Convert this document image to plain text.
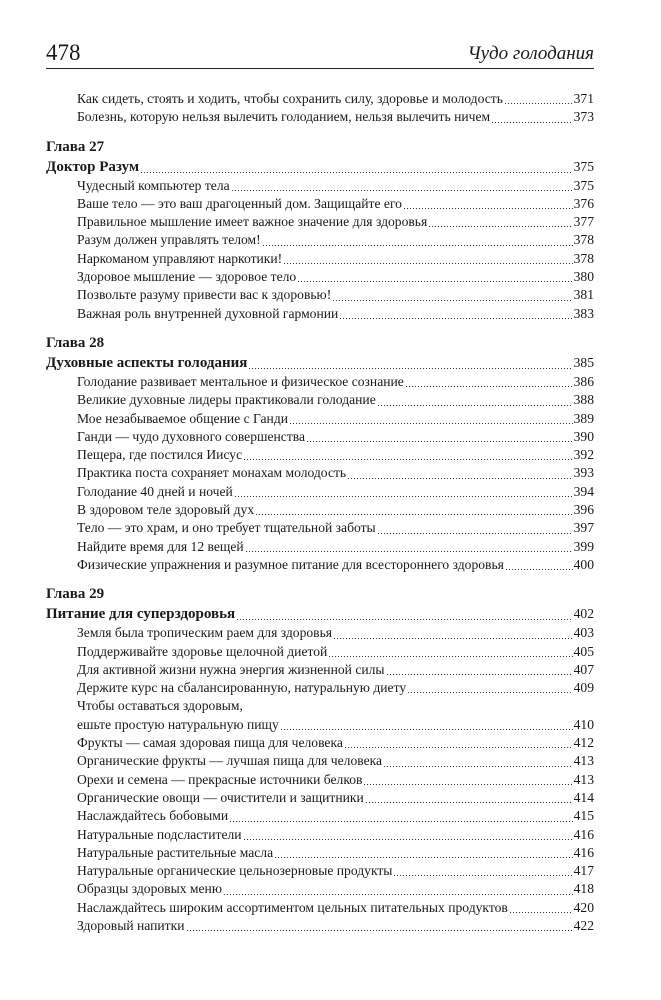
478	Чудо голодания
Как сидеть, стоять и ходить, чтобы сохранить силу, здоровье и молодость	371
Болезнь, которую нельзя вылечить голоданием, нельзя вылечить ничем	373
Глава 27
Доктор Разум	375
Чудесный компьютер тела	375
Ваше тело — это ваш драгоценный дом. Защищайте его	376
Правильное мышление имеет важное значение для здоровья	377
Разум должен управлять телом!	378
Наркоманом управляют наркотики!	378
Здоровое мышление — здоровое тело	380
Позвольте разуму привести вас к здоровью!	381
Важная роль внутренней духовной гармонии	383
Глава 28
Духовные аспекты голодания	385
Голодание развивает ментальное и физическое сознание	386
Великие духовные лидеры практиковали голодание	388
Мое незабываемое общение с Ганди	389
Ганди — чудо духовного совершенства	390
Пещера, где постился Иисус	392
Практика поста сохраняет монахам молодость	393
Голодание 40 дней и ночей	394
В здоровом теле здоровый дух	396
Тело — это храм, и оно требует тщательной заботы	397
Найдите время для 12 вещей	399
Физические упражнения и разумное питание для всестороннего здоровья	400
Глава 29
Питание для суперздоровья	402
Земля была тропическим раем для здоровья	403
Поддерживайте здоровье щелочной диетой	405
Для активной жизни нужна энергия жизненной силы	407
Держите курс на сбалансированную, натуральную диету	409
Чтобы оставаться здоровым,
ешьте простую натуральную пищу	410
Фрукты — самая здоровая пища для человека	412
Органические фрукты — лучшая пища для человека	413
Орехи и семена — прекрасные источники белков	413
Органические овощи — очистители и защитники	414
Наслаждайтесь бобовыми	415
Натуральные подсластители	416
Натуральные растительные масла	416
Натуральные органические цельнозерновые продукты	417
Образцы здоровых меню	418
Наслаждайтесь широким ассортиментом цельных питательных продуктов	420
Здоровый напитки	422
